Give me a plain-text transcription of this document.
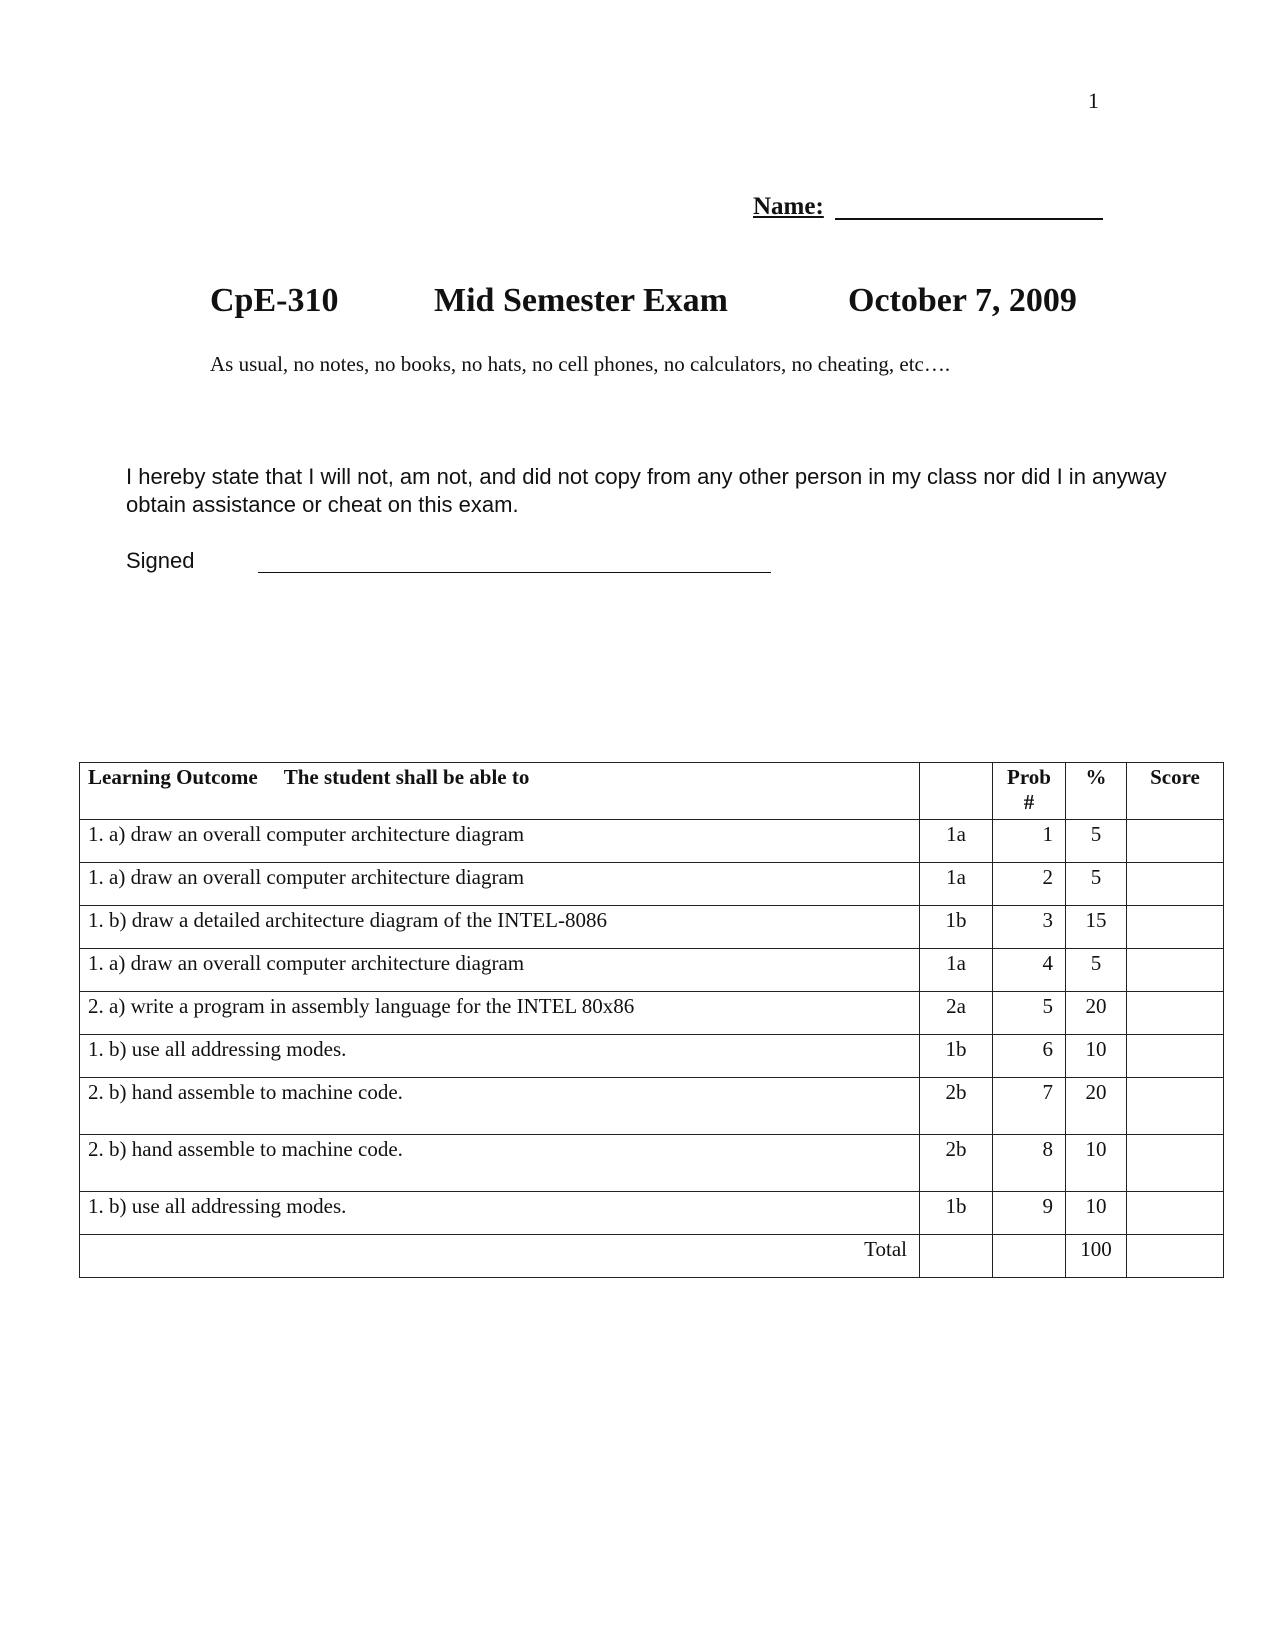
1
Name:
CpE-310	Mid Semester Exam	October 7, 2009
As usual, no notes, no books, no hats, no cell phones, no calculators, no cheating, etc….
I hereby state that I will not, am not, and did not copy from any other person in my class nor did I in anyway obtain assistance or cheat on this exam.
Signed
Learning Outcome The student shall be able to		Prob #	%	Score
1. a) draw an overall computer architecture diagram	1a	1	5	
1. a) draw an overall computer architecture diagram	1a	2	5	
1. b) draw a detailed architecture diagram of the INTEL-8086	1b	3	15	
1. a) draw an overall computer architecture diagram	1a	4	5	
2. a) write a program in assembly language for the INTEL 80x86	2a	5	20	
1. b) use all addressing modes.	1b	6	10	
2. b) hand assemble to machine code.	2b	7	20	
2. b) hand assemble to machine code.	2b	8	10	
1. b) use all addressing modes.	1b	9	10	
Total			100	
